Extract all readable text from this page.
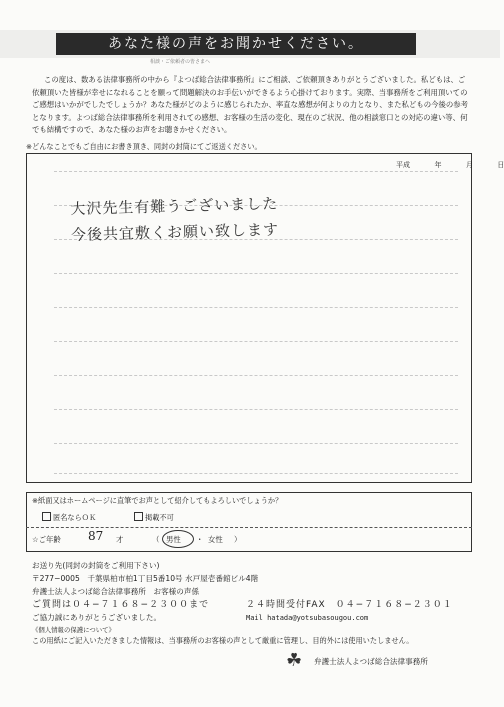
あなた様の声をお聞かせください。
相談・ご依頼者の皆さまへ
この度は、数ある法律事務所の中から『よつば総合法律事務所』にご相談、ご依頼頂きありがとうございました。私どもは、ご依頼頂いた皆様が幸せになれることを願って問題解決のお手伝いができるよう心掛けております。実際、当事務所をご利用頂いてのご感想はいかがでしたでしょうか？あなた様がどのように感じられたか、率直な感想が何よりの力となり、また私どもの今後の参考となります。よつば総合法律事務所を利用されての感想、お客様の生活の変化、現在のご状況、他の相談窓口との対応の違い等、何でも結構ですので、あなた様のお声をお聴きかせください。
※どんなことでもご自由にお書き頂き、同封の封筒にてご返送ください。
平成	年	月	日
大沢先生有難うございました
今後共宜敷くお願い致します
※紙面又はホームページに直筆でお声として紹介してもよろしいでしょうか？
匿名ならＯＫ	掲載不可
☆ご年齢 87 才	（ 男性 ・ 女性 ）
お送り先(同封の封筒をご利用下さい)
〒277−0005　千葉県柏市柏1丁目5番10号 水戸屋壱番館ビル4階
弁護士法人よつば総合法律事務所　お客様の声係
ご質問は０４−７１６８−２３００まで	２４時間受付FAX　０４−７１６８−２３０１
ご協力誠にありがとうございました。	Mail hatada@yotsubasougou.com
《個人情報の保護について》
この用紙にご記入いただきました情報は、当事務所のお客様の声として厳重に管理し、目的外には使用いたしません。
☘ 弁護士法人よつば総合法律事務所
